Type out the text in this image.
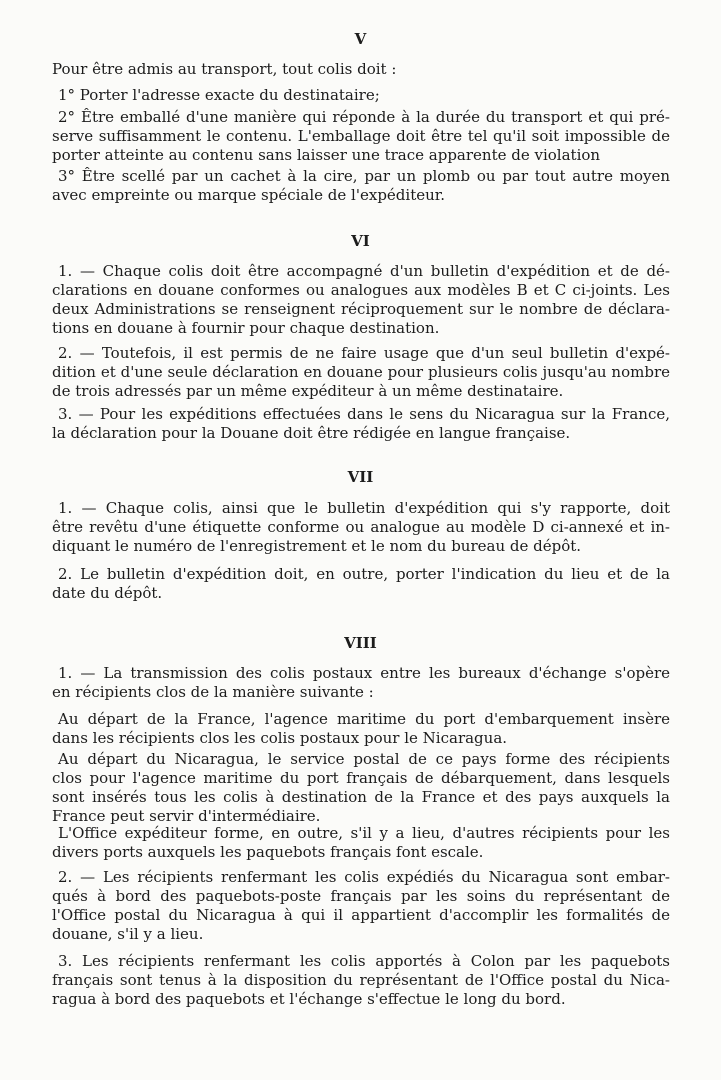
V

Pour être admis au transport, tout colis doit :

1° Porter l'adresse exacte du destinataire;

2° Être emballé d'une manière qui réponde à la durée du transport et qui pré-
serve suffisamment le contenu. L'emballage doit être tel qu'il soit impossible de
porter atteinte au contenu sans laisser une trace apparente de violation

3° Être scellé par un cachet à la cire, par un plomb ou par tout autre moyen
avec empreinte ou marque spéciale de l'expéditeur.

VI

1. — Chaque colis doit être accompagné d'un bulletin d'expédition et de dé-
clarations en douane conformes ou analogues aux modèles B et C ci-joints. Les
deux Administrations se renseignent réciproquement sur le nombre de déclara-
tions en douane à fournir pour chaque destination.

2. — Toutefois, il est permis de ne faire usage que d'un seul bulletin d'expé-
dition et d'une seule déclaration en douane pour plusieurs colis jusqu'au nombre
de trois adressés par un même expéditeur à un même destinataire.

3. — Pour les expéditions effectuées dans le sens du Nicaragua sur la France,
la déclaration pour la Douane doit être rédigée en langue française.

VII

1. — Chaque colis, ainsi que le bulletin d'expédition qui s'y rapporte, doit
être revêtu d'une étiquette conforme ou analogue au modèle D ci-annexé et in-
diquant le numéro de l'enregistrement et le nom du bureau de dépôt.

2. Le bulletin d'expédition doit, en outre, porter l'indication du lieu et de la
date du dépôt.

VIII

1. — La transmission des colis postaux entre les bureaux d'échange s'opère
en récipients clos de la manière suivante :

Au départ de la France, l'agence maritime du port d'embarquement insère
dans les récipients clos les colis postaux pour le Nicaragua.

Au départ du Nicaragua, le service postal de ce pays forme des récipients
clos pour l'agence maritime du port français de débarquement, dans lesquels
sont insérés tous les colis à destination de la France et des pays auxquels la
France peut servir d'intermédiaire.

L'Office expéditeur forme, en outre, s'il y a lieu, d'autres récipients pour les
divers ports auxquels les paquebots français font escale.

2. — Les récipients renfermant les colis expédiés du Nicaragua sont embar-
qués à bord des paquebots-poste français par les soins du représentant de
l'Office postal du Nicaragua à qui il appartient d'accomplir les formalités de
douane, s'il y a lieu.

3. Les récipients renfermant les colis apportés à Colon par les paquebots
français sont tenus à la disposition du représentant de l'Office postal du Nica-
ragua à bord des paquebots et l'échange s'effectue le long du bord.
